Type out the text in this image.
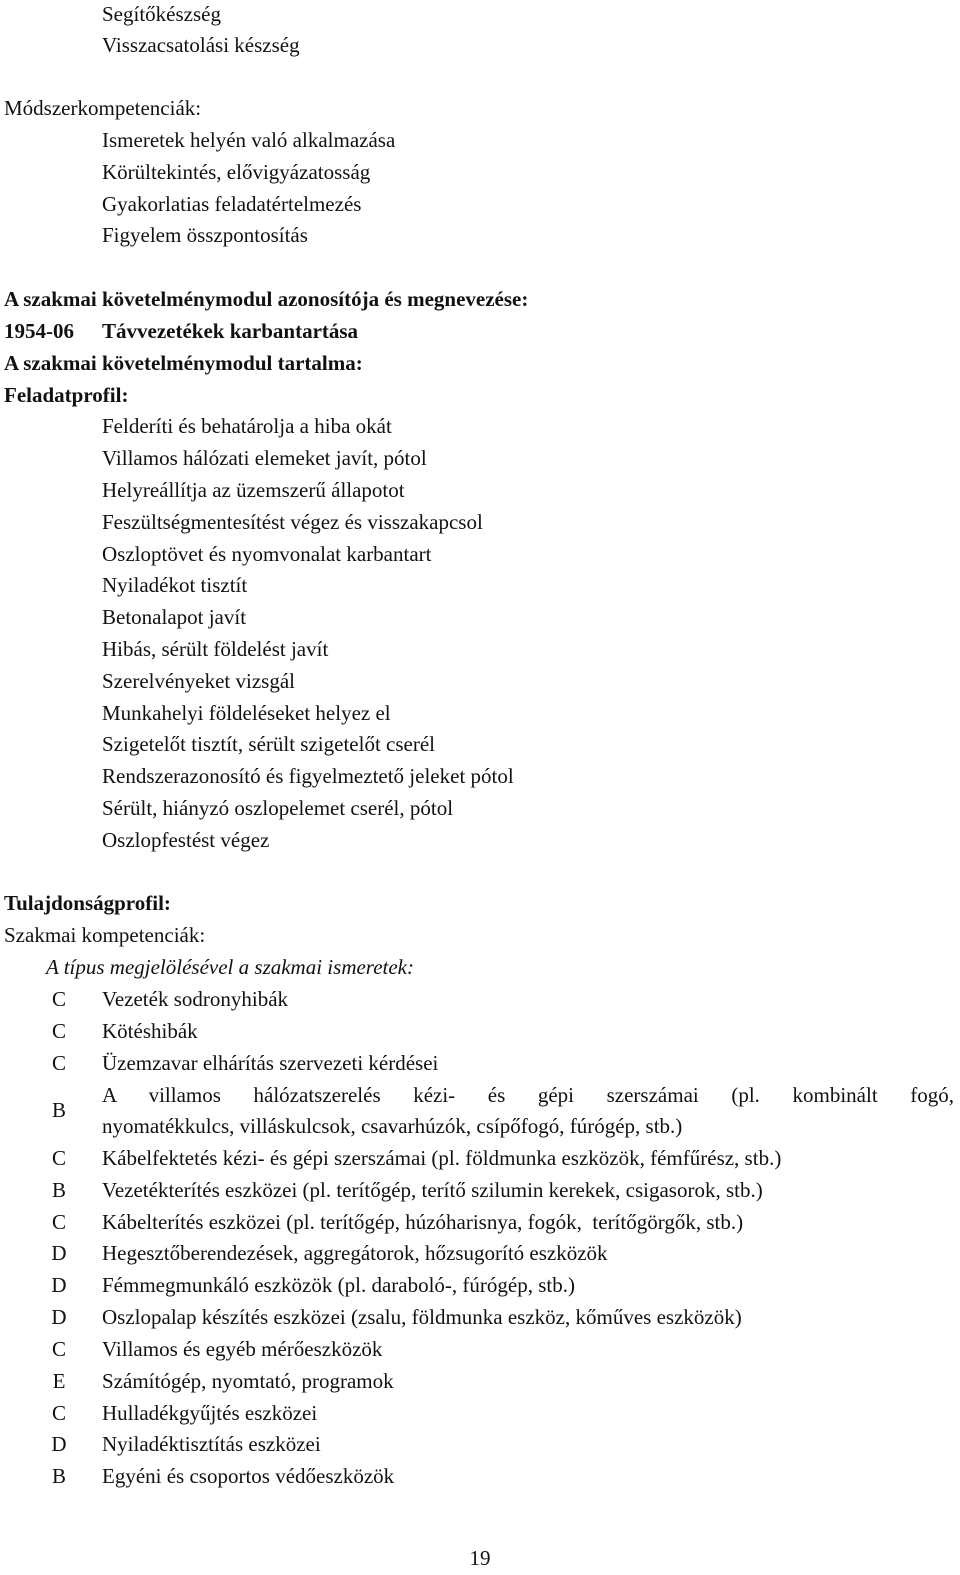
Segítőkészség
Visszacsatolási készség
Módszerkompetenciák:
Ismeretek helyén való alkalmazása
Körültekintés, elővigyázatosság
Gyakorlatias feladatértelmezés
Figyelem összpontosítás
A szakmai követelménymodul azonosítója és megnevezése:
1954-06 Távvezetékek karbantartása
A szakmai követelménymodul tartalma:
Feladatprofil:
Felderíti és behatárolja a hiba okát
Villamos hálózati elemeket javít, pótol
Helyreállítja az üzemszerű állapotot
Feszültségmentesítést végez és visszakapcsol
Oszloptövet és nyomvonalat karbantart
Nyiladékot tisztít
Betonalapot javít
Hibás, sérült földelést javít
Szerelvényeket vizsgál
Munkahelyi földeléseket helyez el
Szigetelőt tisztít, sérült szigetelőt cserél
Rendszerazonosító és figyelmeztető jeleket pótol
Sérült, hiányzó oszlopelemet cserél, pótol
Oszlopfestést végez
Tulajdonságprofil:
Szakmai kompetenciák:
A típus megjelölésével a szakmai ismeretek:
C Vezeték sodronyhibák
C Kötéshibák
C Üzemzavar elhárítás szervezeti kérdései
B
A villamos hálózatszerelés kézi- és gépi szerszámai (pl. kombinált fogó,
nyomatékkulcs, villáskulcsok, csavarhúzók, csípőfogó, fúrógép, stb.)
C Kábelfektetés kézi- és gépi szerszámai (pl. földmunka eszközök, fémfűrész, stb.)
B Vezetékterítés eszközei (pl. terítőgép, terítő szilumin kerekek, csigasorok, stb.)
C Kábelterítés eszközei (pl. terítőgép, húzóharisnya, fogók,  terítőgörgők, stb.)
D Hegesztőberendezések, aggregátorok, hőzsugorító eszközök
D Fémmegmunkáló eszközök (pl. daraboló-, fúrógép, stb.)
D Oszlopalap készítés eszközei (zsalu, földmunka eszköz, kőműves eszközök)
C Villamos és egyéb mérőeszközök
E	Számítógép, nyomtató, programok
C Hulladékgyűjtés eszközei
D Nyiladéktisztítás eszközei
B Egyéni és csoportos védőeszközök
19
